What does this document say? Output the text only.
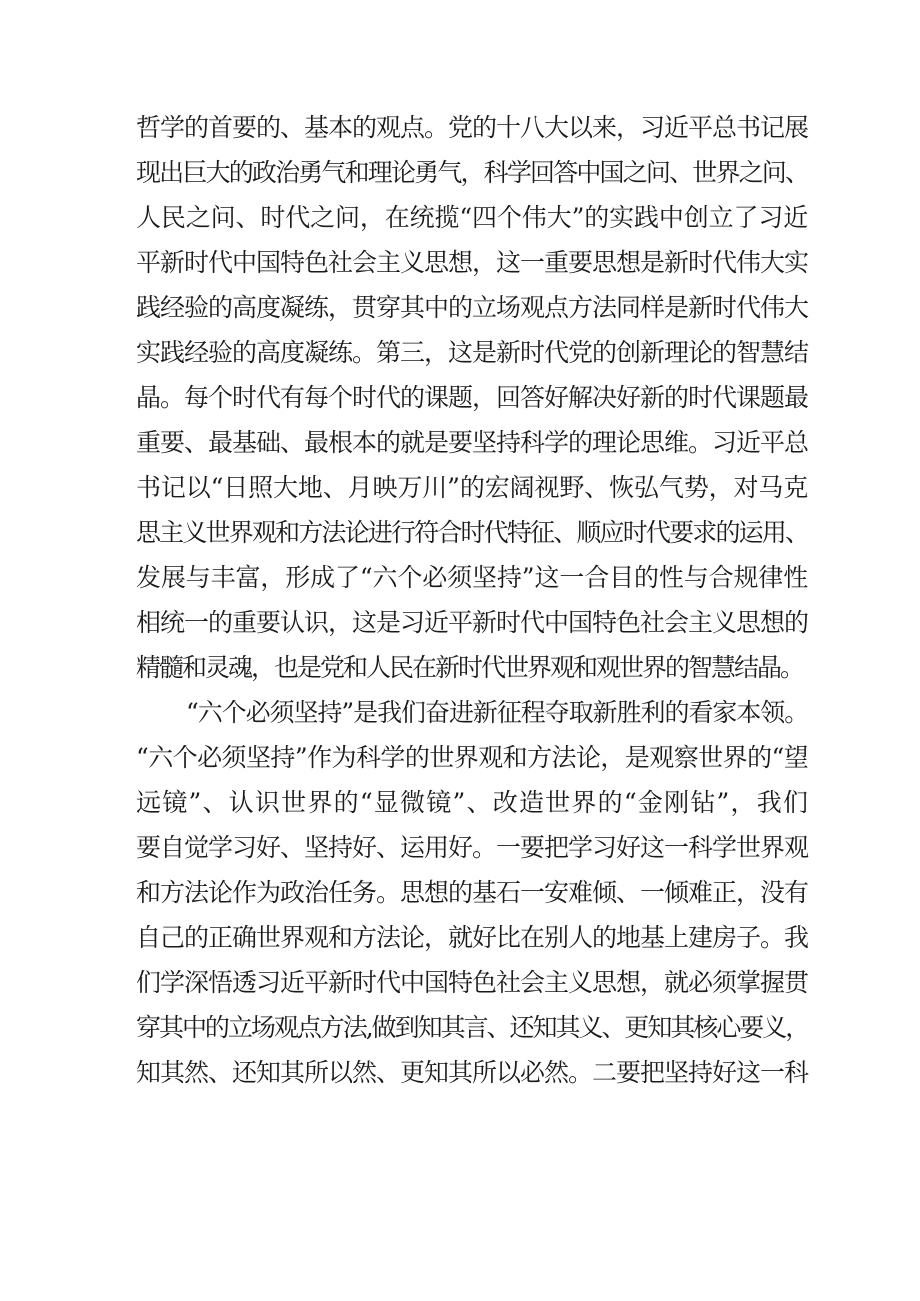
哲学的首要的、基本的观点。党的十八大以来，习近平总书记展
现出巨大的政治勇气和理论勇气，科学回答中国之问、世界之问、
人民之问、时代之问，在统揽“四个伟大”的实践中创立了习近
平新时代中国特色社会主义思想，这一重要思想是新时代伟大实
践经验的高度凝练，贯穿其中的立场观点方法同样是新时代伟大
实践经验的高度凝练。第三，这是新时代党的创新理论的智慧结
晶。每个时代有每个时代的课题，回答好解决好新的时代课题最
重要、最基础、最根本的就是要坚持科学的理论思维。习近平总
书记以“日照大地、月映万川”的宏阔视野、恢弘气势，对马克
思主义世界观和方法论进行符合时代特征、顺应时代要求的运用、
发展与丰富，形成了“六个必须坚持”这一合目的性与合规律性
相统一的重要认识，这是习近平新时代中国特色社会主义思想的
精髓和灵魂，也是党和人民在新时代世界观和观世界的智慧结晶。
“六个必须坚持”是我们奋进新征程夺取新胜利的看家本领。
“六个必须坚持”作为科学的世界观和方法论，是观察世界的“望
远镜”、认识世界的“显微镜”、改造世界的“金刚钻”，我们
要自觉学习好、坚持好、运用好。一要把学习好这一科学世界观
和方法论作为政治任务。思想的基石一安难倾、一倾难正，没有
自己的正确世界观和方法论，就好比在别人的地基上建房子。我
们学深悟透习近平新时代中国特色社会主义思想，就必须掌握贯
穿其中的立场观点方法,做到知其言、还知其义、更知其核心要义，
知其然、还知其所以然、更知其所以必然。二要把坚持好这一科
